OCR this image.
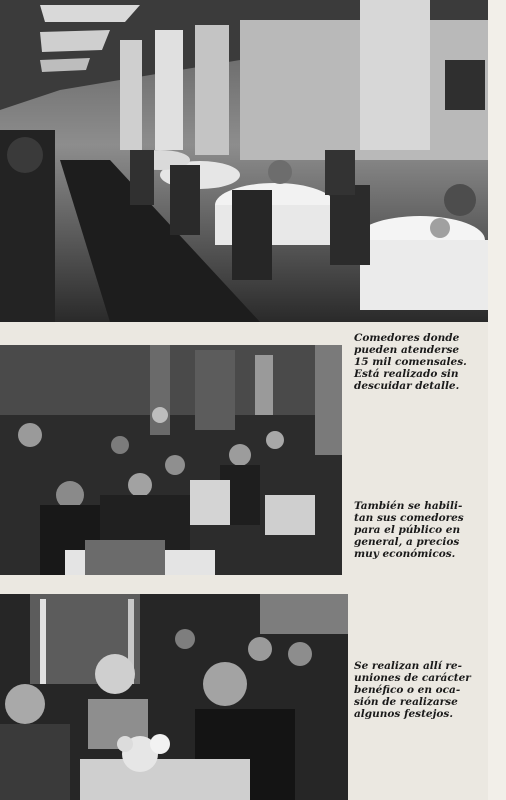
Comedores donde
pueden atenderse
15 mil comensales.
Está realizado sin
descuidar detalle.
También se habili-
tan sus comedores
para el público en
general, a precios
muy económicos.
Se realizan allí re-
uniones de carácter
benéfico o en oca-
sión de realizarse
algunos festejos.
